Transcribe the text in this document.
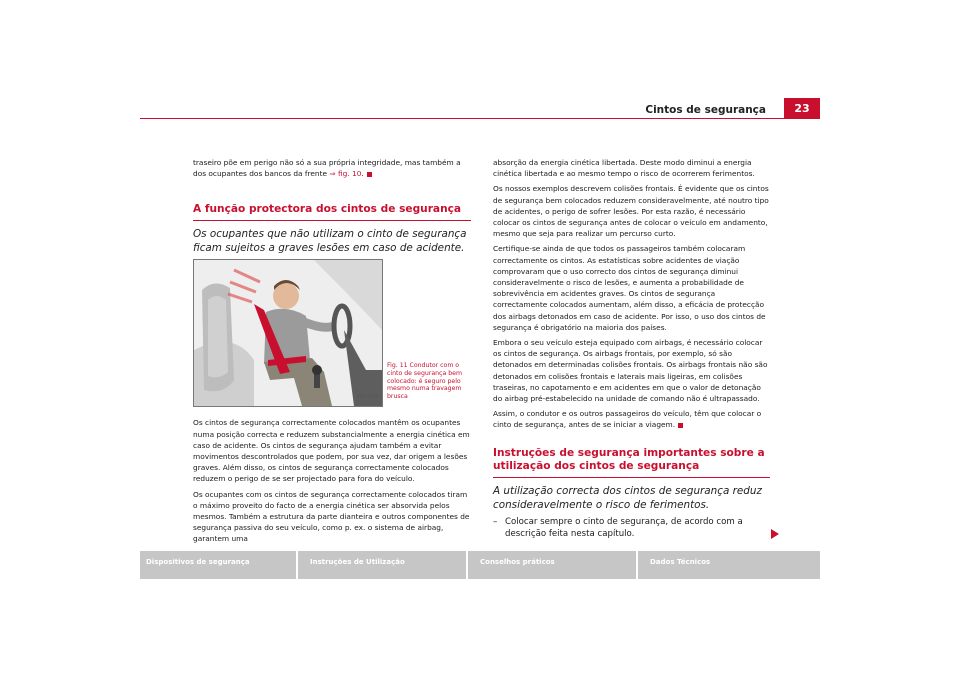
Cintos de segurança	23

traseiro põe em perigo não só a sua própria integridade, mas também a dos ocupantes dos bancos da frente ⇒ fig. 10.

A função protectora dos cintos de segurança

Os ocupantes que não utilizam o cinto de segurança ficam sujeitos a graves lesões em caso de acidente.

B5P-0047
Fig. 11 Condutor com o cinto de segurança bem colocado: é seguro pelo mesmo numa travagem brusca

Os cintos de segurança correctamente colocados mantêm os ocupantes numa posição correcta e reduzem substancialmente a energia cinética em caso de acidente. Os cintos de segurança ajudam também a evitar movimentos descontrolados que podem, por sua vez, dar origem a lesões graves. Além disso, os cintos de segurança correctamente colocados reduzem o perigo de se ser projectado para fora do veículo.

Os ocupantes com os cintos de segurança correctamente colocados tiram o máximo proveito do facto de a energia cinética ser absorvida pelos mesmos. Também a estrutura da parte dianteira e outros componentes de segurança passiva do seu veículo, como p. ex. o sistema de airbag, garantem uma

absorção da energia cinética libertada. Deste modo diminui a energia cinética libertada e ao mesmo tempo o risco de ocorrerem ferimentos.

Os nossos exemplos descrevem colisões frontais. É evidente que os cintos de segurança bem colocados reduzem consideravelmente, até noutro tipo de acidentes, o perigo de sofrer lesões. Por esta razão, é necessário colocar os cintos de segurança antes de colocar o veículo em andamento, mesmo que seja para realizar um percurso curto.

Certifique-se ainda de que todos os passageiros também colocaram correctamente os cintos. As estatísticas sobre acidentes de viação comprovaram que o uso correcto dos cintos de segurança diminui consideravelmente o risco de lesões, e aumenta a probabilidade de sobrevivência em acidentes graves. Os cintos de segurança correctamente colocados aumentam, além disso, a eficácia de protecção dos airbags detonados em caso de acidente. Por isso, o uso dos cintos de segurança é obrigatório na maioria dos países.

Embora o seu veículo esteja equipado com airbags, é necessário colocar os cintos de segurança. Os airbags frontais, por exemplo, só são detonados em determinadas colisões frontais. Os airbags frontais não são detonados em colisões frontais e laterais mais ligeiras, em colisões traseiras, no capotamento e em acidentes em que o valor de detonação do airbag pré-estabelecido na unidade de comando não é ultrapassado.

Assim, o condutor e os outros passageiros do veículo, têm que colocar o cinto de segurança, antes de se iniciar a viagem.

Instruções de segurança importantes sobre a utilização dos cintos de segurança

A utilização correcta dos cintos de segurança reduz consideravelmente o risco de ferimentos.

– Colocar sempre o cinto de segurança, de acordo com a descrição feita nesta capítulo.
Dispositivos de segurança	Instruções de Utilização	Conselhos práticos	Dados Técnicos
